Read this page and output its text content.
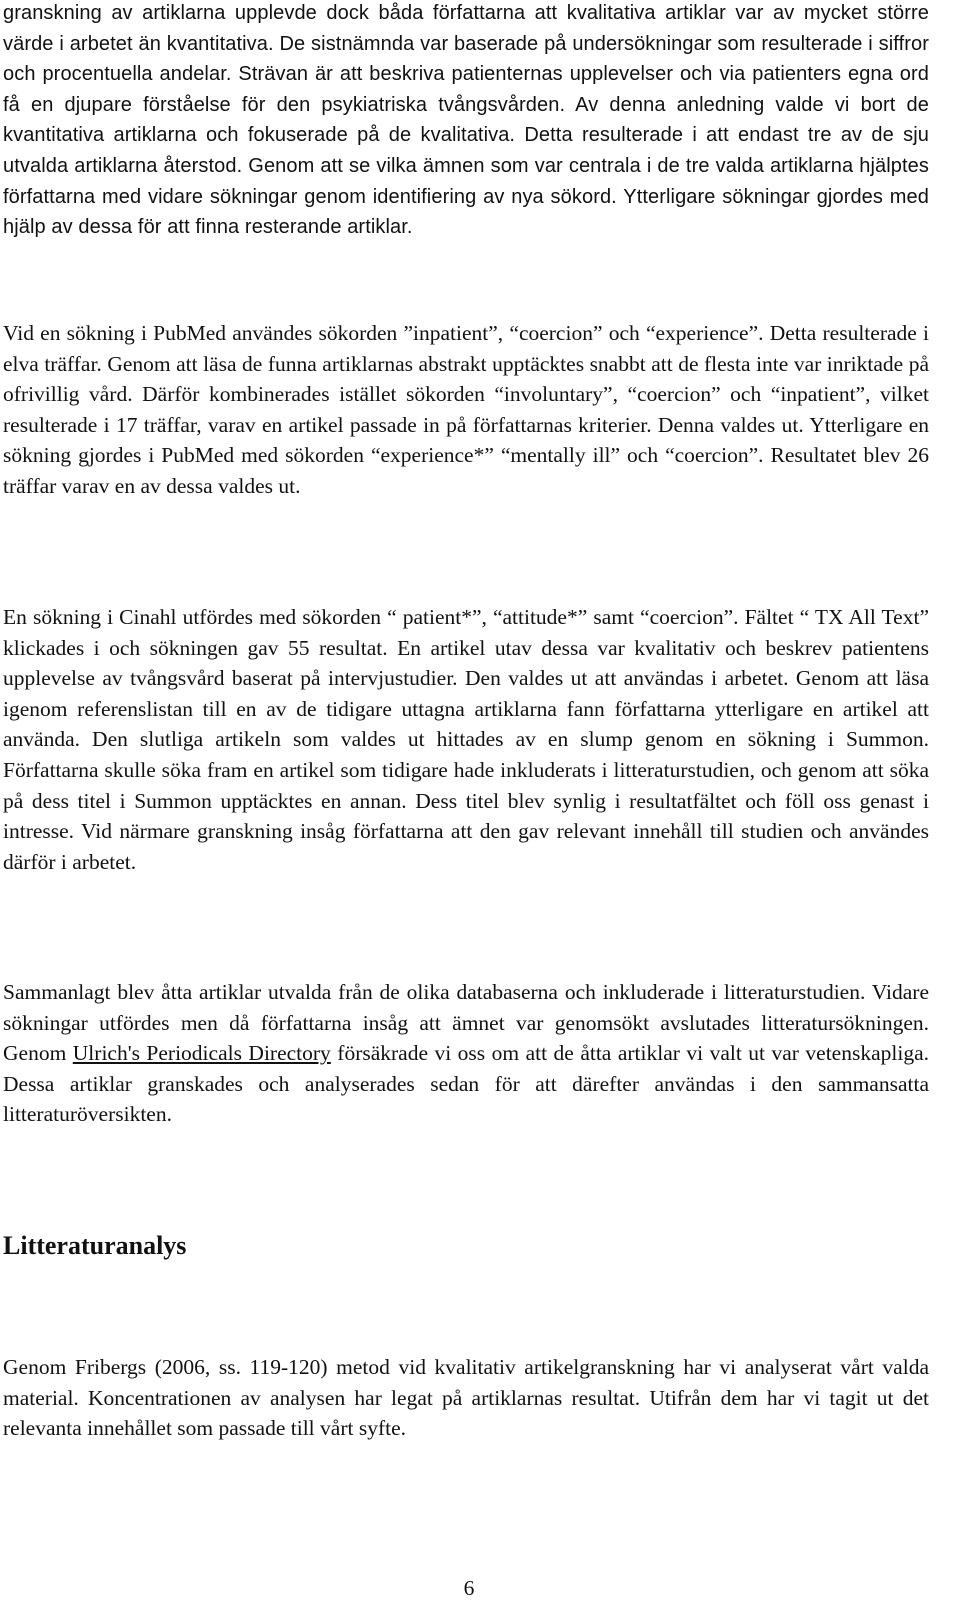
granskning av artiklarna upplevde dock båda författarna att kvalitativa artiklar var av mycket större värde i arbetet än kvantitativa. De sistnämnda var baserade på undersökningar som resulterade i siffror och procentuella andelar. Strävan är att beskriva patienternas upplevelser och via patienters egna ord få en djupare förståelse för den psykiatriska tvångsvården. Av denna anledning valde vi bort de kvantitativa artiklarna och fokuserade på de kvalitativa. Detta resulterade i att endast tre av de sju utvalda artiklarna återstod. Genom att se vilka ämnen som var centrala i de tre valda artiklarna hjälptes författarna med vidare sökningar genom identifiering av nya sökord. Ytterligare sökningar gjordes med hjälp av dessa för att finna resterande artiklar.

Vid en sökning i PubMed användes sökorden ”inpatient”, “coercion” och “experience”. Detta resulterade i elva träffar. Genom att läsa de funna artiklarnas abstrakt upptäcktes snabbt att de flesta inte var inriktade på ofrivillig vård. Därför kombinerades istället sökorden “involuntary”, “coercion” och “inpatient”, vilket resulterade i 17 träffar, varav en artikel passade in på författarnas kriterier. Denna valdes ut. Ytterligare en sökning gjordes i PubMed med sökorden “experience*” “mentally ill” och “coercion”. Resultatet blev 26 träffar varav en av dessa valdes ut.

En sökning i Cinahl utfördes med sökorden “ patient*”, “attitude*” samt “coercion”. Fältet “ TX All Text” klickades i och sökningen gav 55 resultat. En artikel utav dessa var kvalitativ och beskrev patientens upplevelse av tvångsvård baserat på intervjustudier. Den valdes ut att användas i arbetet. Genom att läsa igenom referenslistan till en av de tidigare uttagna artiklarna fann författarna ytterligare en artikel att använda. Den slutliga artikeln som valdes ut hittades av en slump genom en sökning i Summon. Författarna skulle söka fram en artikel som tidigare hade inkluderats i litteraturstudien, och genom att söka på dess titel i Summon upptäcktes en annan. Dess titel blev synlig i resultatfältet och föll oss genast i intresse. Vid närmare granskning insåg författarna att den gav relevant innehåll till studien och användes därför i arbetet.

Sammanlagt blev åtta artiklar utvalda från de olika databaserna och inkluderade i litteraturstudien. Vidare sökningar utfördes men då författarna insåg att ämnet var genomsökt avslutades litteratursökningen. Genom Ulrich's Periodicals Directory försäkrade vi oss om att de åtta artiklar vi valt ut var vetenskapliga. Dessa artiklar granskades och analyserades sedan för att därefter användas i den sammansatta litteraturöversikten.

Litteraturanalys

Genom Fribergs (2006, ss. 119-120) metod vid kvalitativ artikelgranskning har vi analyserat vårt valda material. Koncentrationen av analysen har legat på artiklarnas resultat. Utifrån dem har vi tagit ut det relevanta innehållet som passade till vårt syfte.

6
